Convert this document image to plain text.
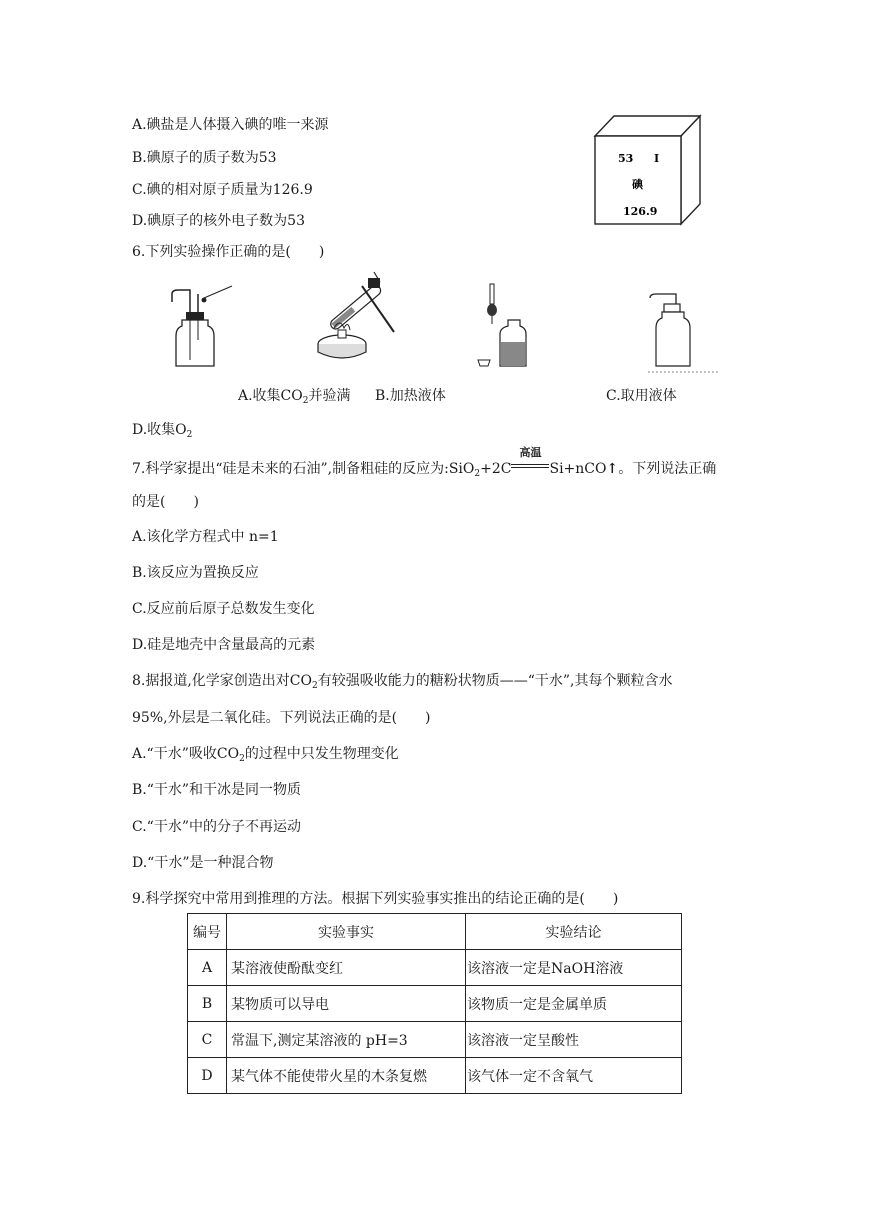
A.碘盐是人体摄入碘的唯一来源
B.碘原子的质子数为53
C.碘的相对原子质量为126.9
D.碘原子的核外电子数为53
53 I
碘
126.9
6.下列实验操作正确的是(　　)
A.收集$CO_2$并验满 B.加热液体	C.取用液体
D.收集$O_2$
7.科学家提出“硅是未来的石油”,制备粗硅的反应为:SiO$_2$+2C
高温
Si+nCO↑。下列说法正确
的是(　　)
A.该化学方程式中 n=1
B.该反应为置换反应
C.反应前后原子总数发生变化
D.硅是地壳中含量最高的元素
8.据报道,化学家创造出对$CO_2$有较强吸收能力的糖粉状物质——“干水”,其每个颗粒含水
95%,外层是二氧化硅。下列说法正确的是(　　)
A.“干水”吸收$CO_2$的过程中只发生物理变化
B.“干水”和干冰是同一物质
C.“干水”中的分子不再运动
D.“干水”是一种混合物
9.科学探究中常用到推理的方法。根据下列实验事实推出的结论正确的是(　　)
编号	实验事实	实验结论
A	某溶液使酚酞变红	该溶液一定是NaOH溶液
B	某物质可以导电	该物质一定是金属单质
C	常温下,测定某溶液的 pH=3	该溶液一定呈酸性
D	某气体不能使带火星的木条复燃	该气体一定不含氧气
